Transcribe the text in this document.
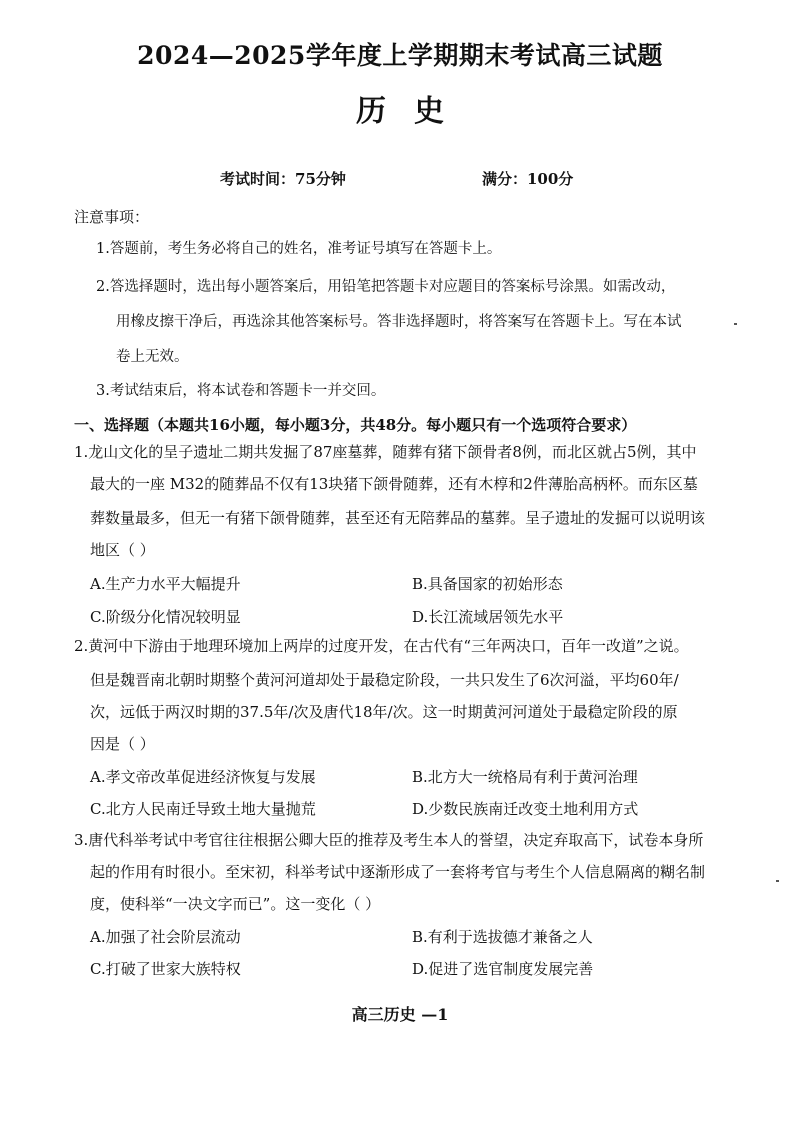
2024—2025学年度上学期期末考试高三试题
历史
考试时间：75分钟	满分：100分
注意事项：
1.答题前，考生务必将自己的姓名，准考证号填写在答题卡上。
2.答选择题时，选出每小题答案后，用铅笔把答题卡对应题目的答案标号涂黑。如需改动，
用橡皮擦干净后，再选涂其他答案标号。答非选择题时，将答案写在答题卡上。写在本试
卷上无效。
3.考试结束后，将本试卷和答题卡一并交回。
一、选择题（本题共16小题，每小题3分，共48分。每小题只有一个选项符合要求）
1.龙山文化的呈子遗址二期共发掘了87座墓葬，随葬有猪下颌骨者8例，而北区就占5例，其中
最大的一座 M32的随葬品不仅有13块猪下颌骨随葬，还有木椁和2件薄胎高柄杯。而东区墓
葬数量最多，但无一有猪下颌骨随葬，甚至还有无陪葬品的墓葬。呈子遗址的发掘可以说明该
地区（ ）
A.生产力水平大幅提升	B.具备国家的初始形态
C.阶级分化情况较明显	D.长江流域居领先水平
2.黄河中下游由于地理环境加上两岸的过度开发，在古代有“三年两决口，百年一改道”之说。
但是魏晋南北朝时期整个黄河河道却处于最稳定阶段，一共只发生了6次河溢，平均60年/
次，远低于两汉时期的37.5年/次及唐代18年/次。这一时期黄河河道处于最稳定阶段的原
因是（ ）
A.孝文帝改革促进经济恢复与发展	B.北方大一统格局有利于黄河治理
C.北方人民南迁导致土地大量抛荒	D.少数民族南迁改变土地利用方式
3.唐代科举考试中考官往往根据公卿大臣的推荐及考生本人的誉望，决定弃取高下，试卷本身所
起的作用有时很小。至宋初，科举考试中逐渐形成了一套将考官与考生个人信息隔离的糊名制
度，使科举“一决文字而已”。这一变化（ ）
A.加强了社会阶层流动	B.有利于选拔德才兼备之人
C.打破了世家大族特权	D.促进了选官制度发展完善
高三历史 —1
